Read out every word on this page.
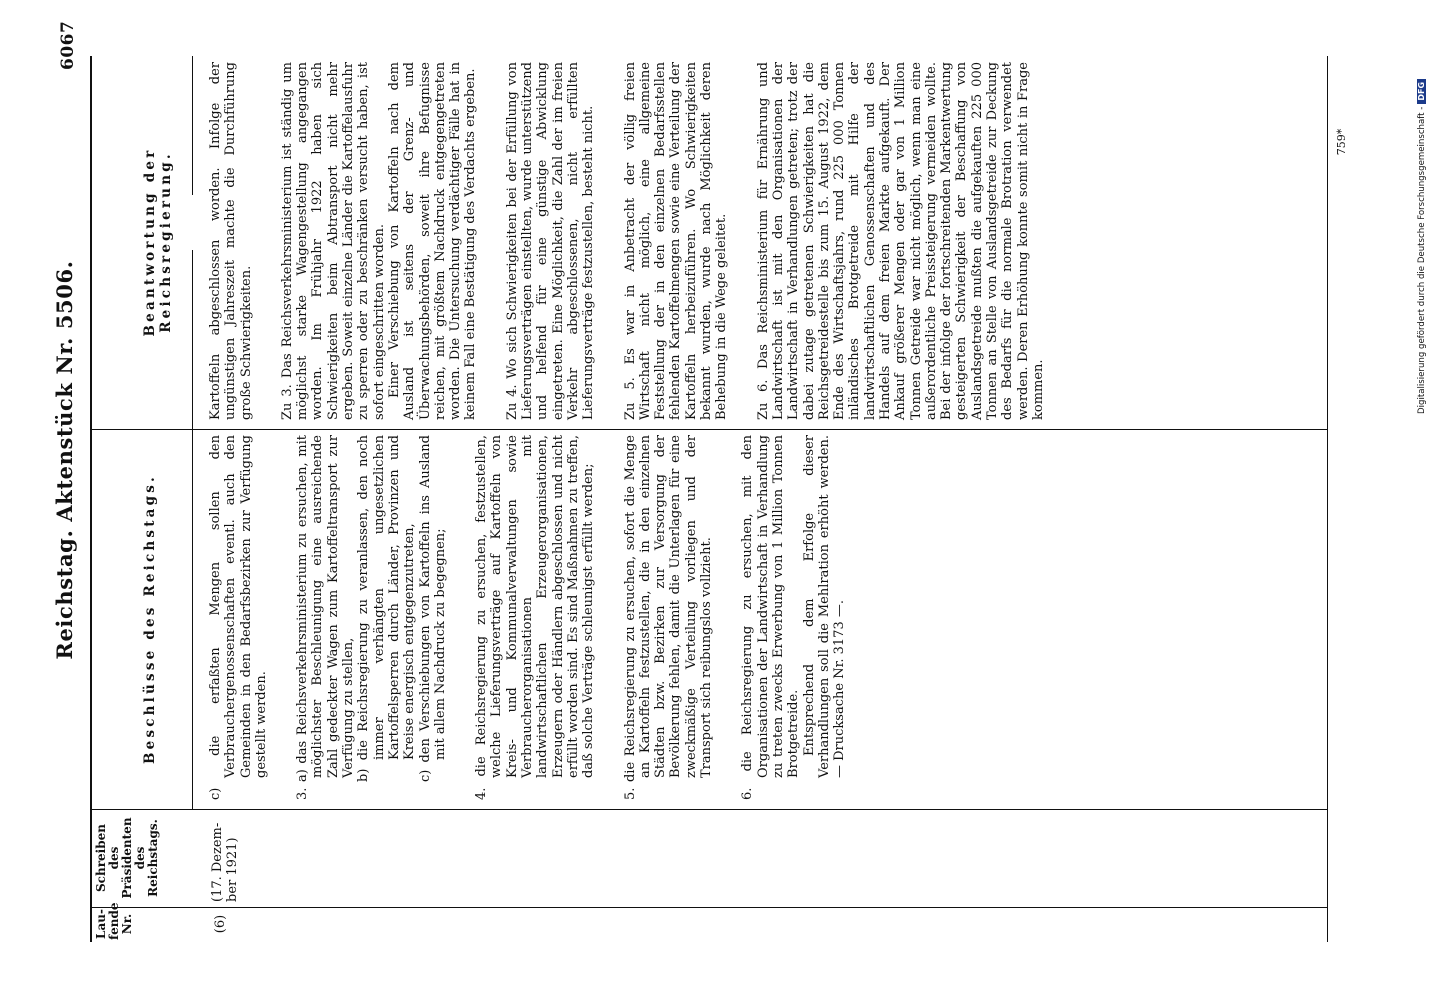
6067
Reichstag. Aktenstück Nr. 5506.
Lau-
fende
Nr.
Schreiben
des
Präsidenten
des
Reichstags.
Beschlüsse des Reichstags.
Beantwortung der Reichsregierung.
(6)
(17. Dezem-
ber 1921)
c) die erfaßten Mengen sollen den Verbrauchergenossenschaften eventl. auch den Gemeinden in den Bedarfsbezirken zur Verfügung gestellt werden.
3. a) das Reichsverkehrsministerium zu ersuchen, mit möglichster Beschleunigung eine ausreichende Zahl gedeckter Wagen zum Kartoffeltransport zur Verfügung zu stellen, b) die Reichsregierung zu veranlassen, den noch immer verhängten ungesetzlichen Kartoffelsperren durch Länder, Provinzen und Kreise energisch entgegenzutreten,
c) den Verschiebungen von Kartoffeln ins Ausland mit allem Nachdruck zu begegnen;
4. die Reichsregierung zu ersuchen, festzustellen, welche Lieferungsverträge auf Kartoffeln von Kreis- und Kommunalverwaltungen sowie Verbraucherorganisationen mit landwirtschaftlichen Erzeugerorganisationen, Erzeugern oder Händlern abgeschlossen und nicht erfüllt worden sind. Es sind Maßnahmen zu treffen, daß solche Verträge schleunigst erfüllt werden;
5. die Reichsregierung zu ersuchen, sofort die Menge an Kartoffeln festzustellen, die in den einzelnen Städten bzw. Bezirken zur Versorgung der Bevölkerung fehlen, damit die Unterlagen für eine zweckmäßige Verteilung vorliegen und der Transport sich reibungslos vollzieht.
6. die Reichsregierung zu ersuchen, mit den Organisationen der Landwirtschaft in Verhandlung zu treten zwecks Erwerbung von 1 Million Tonnen Brotgetreide. Entsprechend dem Erfolge dieser Verhandlungen soll die Mehlration erhöht werden. — Drucksache Nr. 3173 —.
Kartoffeln abgeschlossen worden. Infolge der ungünstigen Jahreszeit machte die Durchführung große Schwierigkeiten. Zu 3. Das Reichsverkehrsministerium ist ständig um möglichst starke Wagengestellung angegangen worden. Im Frühjahr 1922 haben sich Schwierigkeiten beim Abtransport nicht mehr ergeben. Soweit einzelne Länder die Kartoffelausfuhr zu sperren oder zu beschränken versucht haben, ist sofort eingeschritten worden. Einer Verschiebung von Kartoffeln nach dem Ausland ist seitens der Grenz- und Überwachungsbehörden, soweit ihre Befugnisse reichen, mit größtem Nachdruck entgegengetreten worden. Die Untersuchung verdächtiger Fälle hat in keinem Fall eine Bestätigung des Verdachts ergeben. Zu 4. Wo sich Schwierigkeiten bei der Erfüllung von Lieferungsverträgen einstellten, wurde unterstützend und helfend für eine günstige Abwicklung eingetreten. Eine Möglichkeit, die Zahl der im freien Verkehr abgeschlossenen, nicht erfüllten Lieferungsverträge festzustellen, besteht nicht. Zu 5. Es war in Anbetracht der völlig freien Wirtschaft nicht möglich, eine allgemeine Feststellung der in den einzelnen Bedarfsstellen fehlenden Kartoffelmengen sowie eine Verteilung der Kartoffeln herbeizuführen. Wo Schwierigkeiten bekannt wurden, wurde nach Möglichkeit deren Behebung in die Wege geleitet. Zu 6. Das Reichsministerium für Ernährung und Landwirtschaft ist mit den Organisationen der Landwirtschaft in Verhandlungen getreten; trotz der dabei zutage getretenen Schwierigkeiten hat die Reichsgetreidestelle bis zum 15. August 1922, dem Ende des Wirtschaftsjahrs, rund 225 000 Tonnen inländisches Brotgetreide mit Hilfe der landwirtschaftlichen Genossenschaften und des Handels auf dem freien Markte aufgekauft. Der Ankauf größerer Mengen oder gar von 1 Million Tonnen Getreide war nicht möglich, wenn man eine außerordentliche Preissteigerung vermeiden wollte. Bei der infolge der fortschreitenden Markentwertung gesteigerten Schwierigkeit der Beschaffung von Auslandsgetreide mußten die aufgekauften 225 000 Tonnen an Stelle von Auslandsgetreide zur Deckung des Bedarfs für die normale Brotration verwendet werden. Deren Erhöhung konnte somit nicht in Frage kommen.
759*	Digitalisierung gefördert durch die Deutsche Forschungsgemeinschaft -DFG
